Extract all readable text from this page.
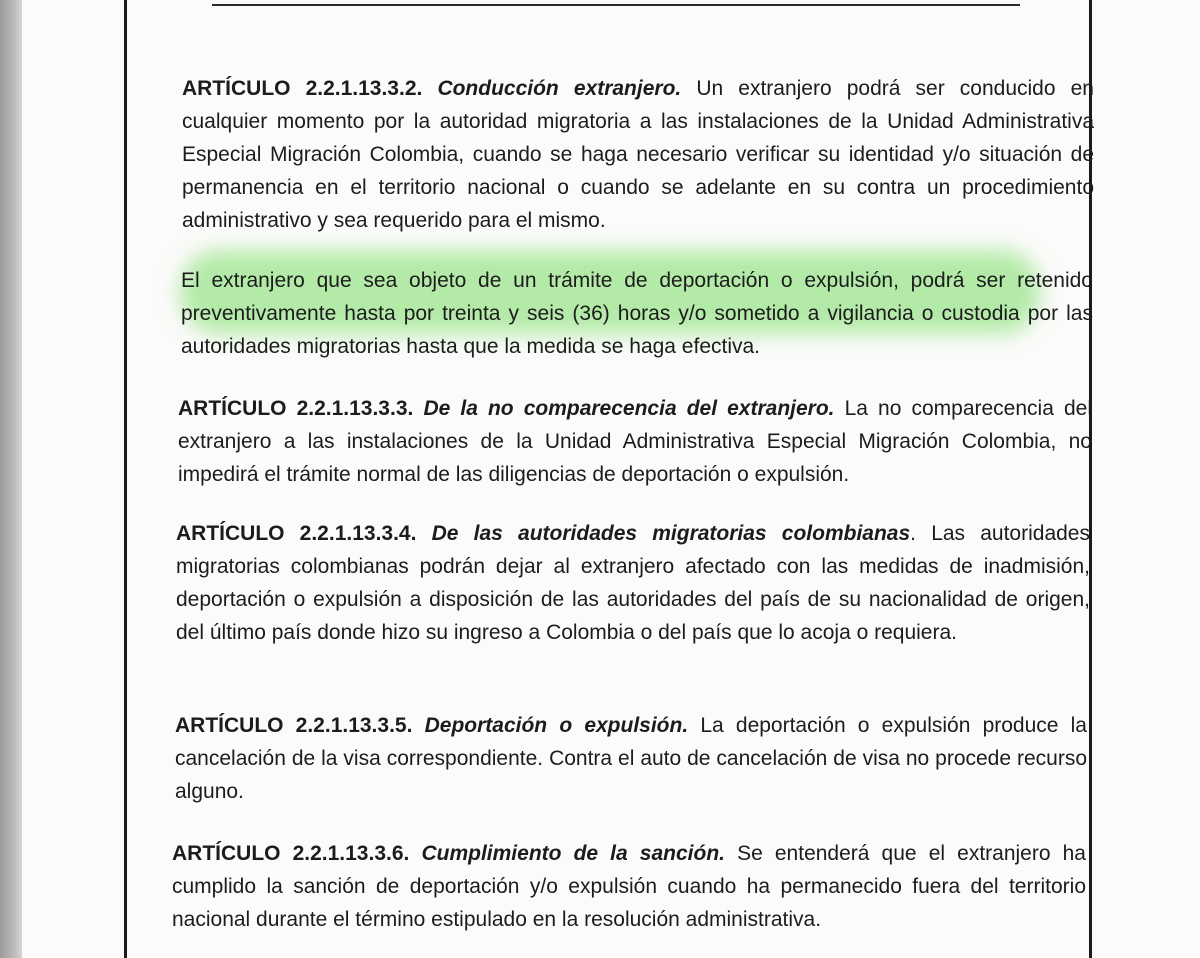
ARTÍCULO 2.2.1.13.3.2. Conducción extranjero. Un extranjero podrá ser conducido en cualquier momento por la autoridad migratoria a las instalaciones de la Unidad Administrativa Especial Migración Colombia, cuando se haga necesario verificar su identidad y/o situación de permanencia en el territorio nacional o cuando se adelante en su contra un procedimiento administrativo y sea requerido para el mismo.

El extranjero que sea objeto de un trámite de deportación o expulsión, podrá ser retenido preventivamente hasta por treinta y seis (36) horas y/o sometido a vigilancia o custodia por las autoridades migratorias hasta que la medida se haga efectiva.

ARTÍCULO 2.2.1.13.3.3. De la no comparecencia del extranjero. La no comparecencia del extranjero a las instalaciones de la Unidad Administrativa Especial Migración Colombia, no impedirá el trámite normal de las diligencias de deportación o expulsión.

ARTÍCULO 2.2.1.13.3.4. De las autoridades migratorias colombianas. Las autoridades migratorias colombianas podrán dejar al extranjero afectado con las medidas de inadmisión, deportación o expulsión a disposición de las autoridades del país de su nacionalidad de origen, del último país donde hizo su ingreso a Colombia o del país que lo acoja o requiera.

ARTÍCULO 2.2.1.13.3.5. Deportación o expulsión. La deportación o expulsión produce la cancelación de la visa correspondiente. Contra el auto de cancelación de visa no procede recurso alguno.

ARTÍCULO 2.2.1.13.3.6. Cumplimiento de la sanción. Se entenderá que el extranjero ha cumplido la sanción de deportación y/o expulsión cuando ha permanecido fuera del territorio nacional durante el término estipulado en la resolución administrativa.
